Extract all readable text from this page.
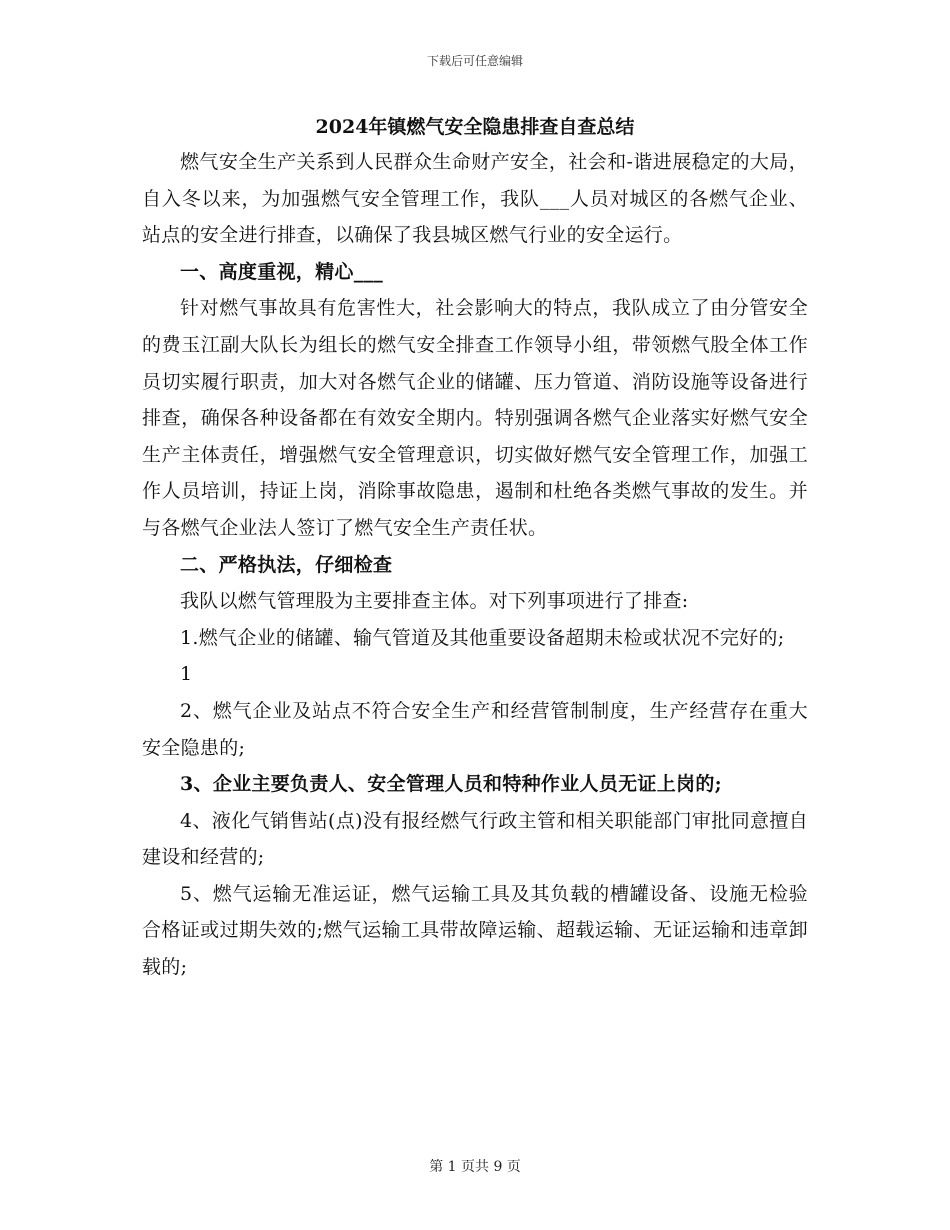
下载后可任意编辑
2024年镇燃气安全隐患排查自查总结

燃气安全生产关系到人民群众生命财产安全，社会和-谐进展稳定的大局，自入冬以来，为加强燃气安全管理工作，我队___人员对城区的各燃气企业、站点的安全进行排查，以确保了我县城区燃气行业的安全运行。

一、高度重视，精心___

针对燃气事故具有危害性大，社会影响大的特点，我队成立了由分管安全的费玉江副大队长为组长的燃气安全排查工作领导小组，带领燃气股全体工作员切实履行职责，加大对各燃气企业的储罐、压力管道、消防设施等设备进行排查，确保各种设备都在有效安全期内。特别强调各燃气企业落实好燃气安全生产主体责任，增强燃气安全管理意识，切实做好燃气安全管理工作，加强工作人员培训，持证上岗，消除事故隐患，遏制和杜绝各类燃气事故的发生。并与各燃气企业法人签订了燃气安全生产责任状。

二、严格执法，仔细检查

我队以燃气管理股为主要排查主体。对下列事项进行了排查:

1.燃气企业的储罐、输气管道及其他重要设备超期未检或状况不完好的;

1

2、燃气企业及站点不符合安全生产和经营管制制度，生产经营存在重大安全隐患的;

3、企业主要负责人、安全管理人员和特种作业人员无证上岗的;

4、液化气销售站(点)没有报经燃气行政主管和相关职能部门审批同意擅自建设和经营的;

5、燃气运输无准运证，燃气运输工具及其负载的槽罐设备、设施无检验合格证或过期失效的;燃气运输工具带故障运输、超载运输、无证运输和违章卸载的;

第 1 页共 9 页
